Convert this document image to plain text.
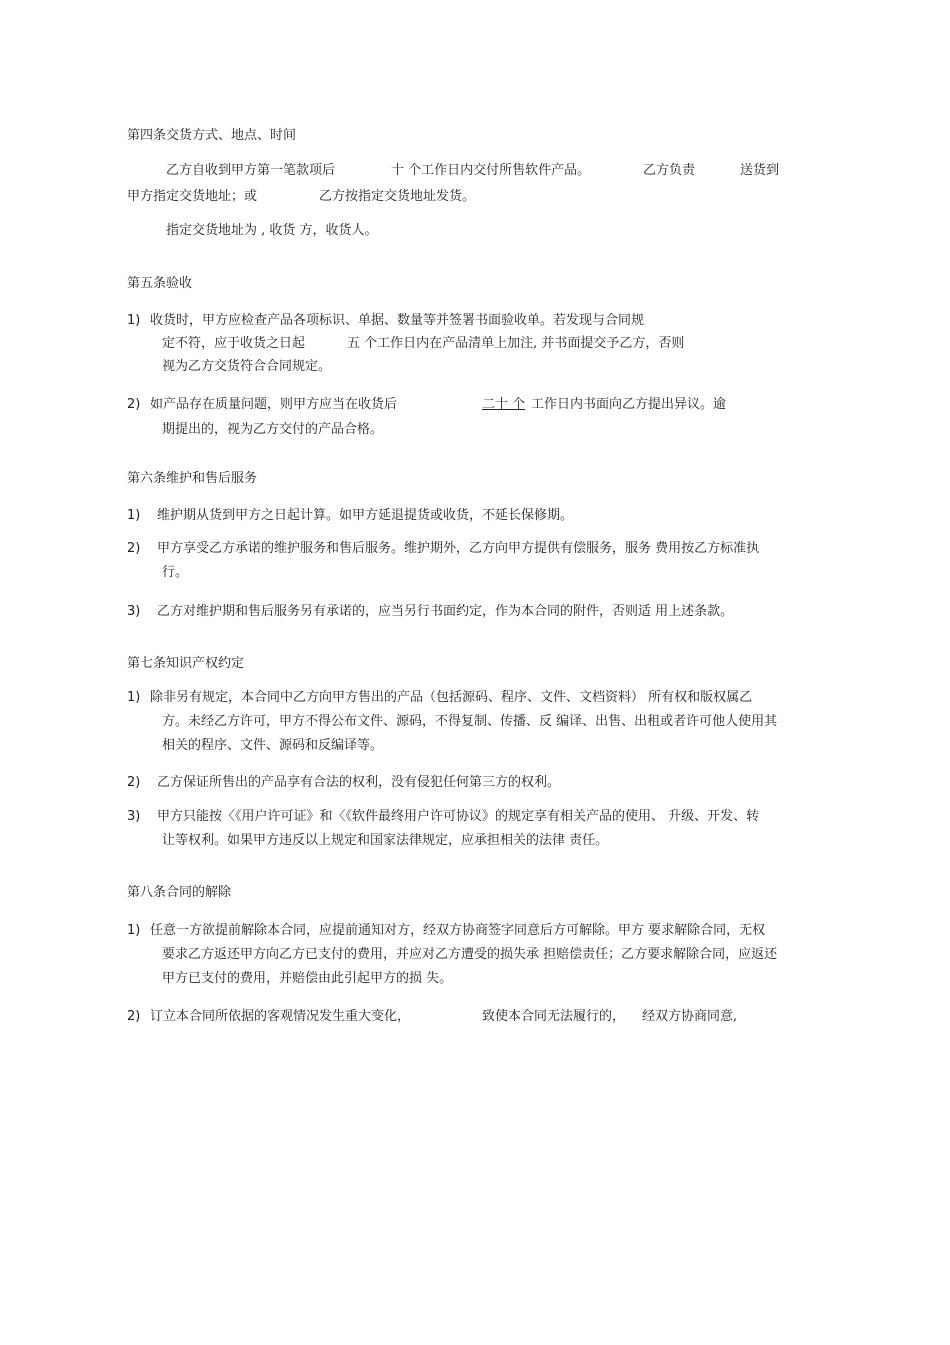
第四条交货方式、地点、时间
乙方自收到甲方第一笔款项后	十 个工作日内交付所售软件产品。	乙方负责	送货到
甲方指定交货地址；或	乙方按指定交货地址发货。
指定交货地址为 , 收货 方，收货人。
第五条验收
1) 收货时，甲方应检查产品各项标识、单据、数量等并签署书面验收单。若发现与合同规
定不符，应于收货之日起	五 个工作日内在产品清单上加注, 并书面提交予乙方，否则
视为乙方交货符合合同规定。
2) 如产品存在质量问题，则甲方应当在收货后	二十 个 工作日内书面向乙方提出异议。逾
期提出的，视为乙方交付的产品合格。
第六条维护和售后服务
1) 维护期从货到甲方之日起计算。如甲方延退提货或收货，不延长保修期。
2) 甲方享受乙方承诺的维护服务和售后服务。维护期外，乙方向甲方提供有偿服务，服务 费用按乙方标准执
行。
3) 乙方对维护期和售后服务另有承诺的，应当另行书面约定，作为本合同的附件，否则适 用上述条款。
第七条知识产权约定
1) 除非另有规定，本合同中乙方向甲方售出的产品（包括源码、程序、文件、文档资料） 所有权和版权属乙
方。未经乙方许可，甲方不得公布文件、源码，不得复制、传播、反 编译、出售、出租或者许可他人使用其
相关的程序、文件、源码和反编译等。
2) 乙方保证所售出的产品享有合法的权利，没有侵犯任何第三方的权利。
3) 甲方只能按〈《用户许可证》和〈《软件最终用户许可协议》的规定享有相关产品的使用、 升级、开发、转
让等权利。如果甲方违反以上规定和国家法律规定，应承担相关的法律 责任。
第八条合同的解除
1) 任意一方欲提前解除本合同，应提前通知对方，经双方协商签字同意后方可解除。甲方 要求解除合同，无权
要求乙方返还甲方向乙方已支付的费用，并应对乙方遭受的损失承 担赔偿责任；乙方要求解除合同，应返还
甲方已支付的费用，并赔偿由此引起甲方的损 失。
2) 订立本合同所依据的客观情况发生重大变化，	致使本合同无法履行的， 经双方协商同意,
